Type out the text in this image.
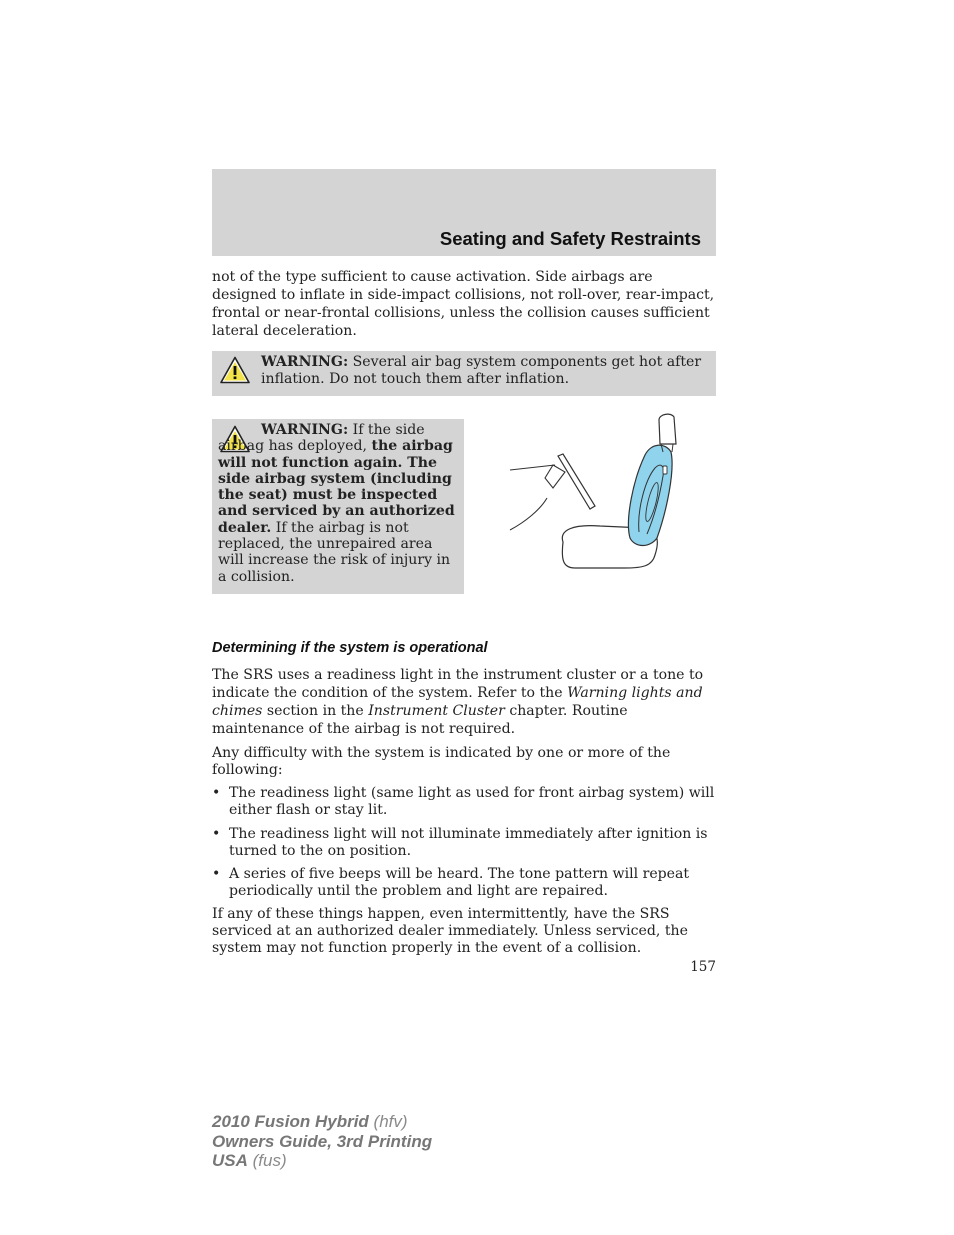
Seating and Safety Restraints

not of the type sufficient to cause activation. Side airbags are designed to inflate in side-impact collisions, not roll-over, rear-impact, frontal or near-frontal collisions, unless the collision causes sufficient lateral deceleration.

WARNING: Several air bag system components get hot after inflation. Do not touch them after inflation.

WARNING: If the side airbag has deployed, the airbag will not function again. The side airbag system (including the seat) must be inspected and serviced by an authorized dealer. If the airbag is not replaced, the unrepaired area will increase the risk of injury in a collision.

Determining if the system is operational

The SRS uses a readiness light in the instrument cluster or a tone to indicate the condition of the system. Refer to the Warning lights and chimes section in the Instrument Cluster chapter. Routine maintenance of the airbag is not required.

Any difficulty with the system is indicated by one or more of the following:

• The readiness light (same light as used for front airbag system) will either flash or stay lit.
• The readiness light will not illuminate immediately after ignition is turned to the on position.
• A series of five beeps will be heard. The tone pattern will repeat periodically until the problem and light are repaired.

If any of these things happen, even intermittently, have the SRS serviced at an authorized dealer immediately. Unless serviced, the system may not function properly in the event of a collision.

157
2010 Fusion Hybrid (hfv)
Owners Guide, 3rd Printing
USA (fus)
